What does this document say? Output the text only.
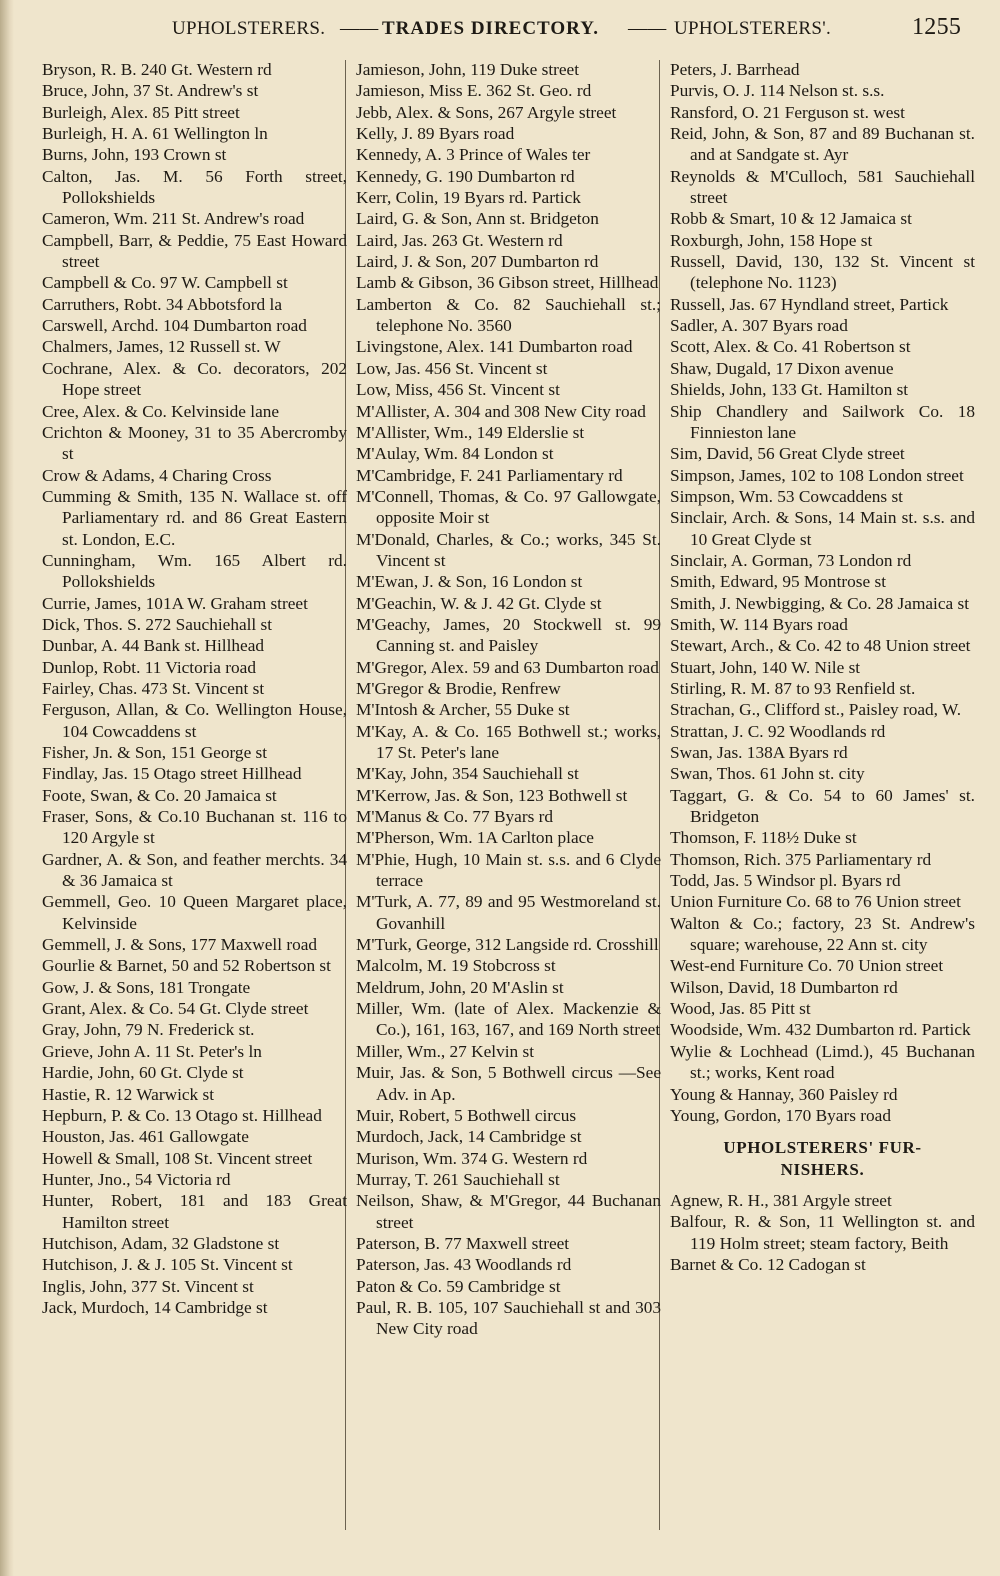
UPHOLSTERERS. —— TRADES DIRECTORY. —— UPHOLSTERERS'.	1255
Bryson, R. B. 240 Gt. Western rd
Bruce, John, 37 St. Andrew's st
Burleigh, Alex. 85 Pitt street
Burleigh, H. A. 61 Wellington ln
Burns, John, 193 Crown st
Calton, Jas. M. 56 Forth street, Pollokshields
Cameron, Wm. 211 St. Andrew's road
Campbell, Barr, & Peddie, 75 East Howard street
Campbell & Co. 97 W. Campbell st
Carruthers, Robt. 34 Abbotsford la
Carswell, Archd. 104 Dumbarton road
Chalmers, James, 12 Russell st. W
Cochrane, Alex. & Co. decorators, 202 Hope street
Cree, Alex. & Co. Kelvinside lane
Crichton & Mooney, 31 to 35 Abercromby st
Crow & Adams, 4 Charing Cross
Cumming & Smith, 135 N. Wallace st. off Parliamentary rd. and 86 Great Eastern st. London, E.C.
Cunningham, Wm. 165 Albert rd. Pollokshields
Currie, James, 101A W. Graham street
Dick, Thos. S. 272 Sauchiehall st
Dunbar, A. 44 Bank st. Hillhead
Dunlop, Robt. 11 Victoria road
Fairley, Chas. 473 St. Vincent st
Ferguson, Allan, & Co. Wellington House, 104 Cowcaddens st
Fisher, Jn. & Son, 151 George st
Findlay, Jas. 15 Otago street Hillhead
Foote, Swan, & Co. 20 Jamaica st
Fraser, Sons, & Co.10 Buchanan st. 116 to 120 Argyle st
Gardner, A. & Son, and feather merchts. 34 & 36 Jamaica st
Gemmell, Geo. 10 Queen Margaret place, Kelvinside
Gemmell, J. & Sons, 177 Maxwell road
Gourlie & Barnet, 50 and 52 Robertson st
Gow, J. & Sons, 181 Trongate
Grant, Alex. & Co. 54 Gt. Clyde street
Gray, John, 79 N. Frederick st.
Grieve, John A. 11 St. Peter's ln
Hardie, John, 60 Gt. Clyde st
Hastie, R. 12 Warwick st
Hepburn, P. & Co. 13 Otago st. Hillhead
Houston, Jas. 461 Gallowgate
Howell & Small, 108 St. Vincent street
Hunter, Jno., 54 Victoria rd
Hunter, Robert, 181 and 183 Great Hamilton street
Hutchison, Adam, 32 Gladstone st
Hutchison, J. & J. 105 St. Vincent st
Inglis, John, 377 St. Vincent st
Jack, Murdoch, 14 Cambridge st
Jamieson, John, 119 Duke street
Jamieson, Miss E. 362 St. Geo. rd
Jebb, Alex. & Sons, 267 Argyle street
Kelly, J. 89 Byars road
Kennedy, A. 3 Prince of Wales ter
Kennedy, G. 190 Dumbarton rd
Kerr, Colin, 19 Byars rd. Partick
Laird, G. & Son, Ann st. Bridgeton
Laird, Jas. 263 Gt. Western rd
Laird, J. & Son, 207 Dumbarton rd
Lamb & Gibson, 36 Gibson street, Hillhead
Lamberton & Co. 82 Sauchiehall st.; telephone No. 3560
Livingstone, Alex. 141 Dumbarton road
Low, Jas. 456 St. Vincent st
Low, Miss, 456 St. Vincent st
M'Allister, A. 304 and 308 New City road
M'Allister, Wm., 149 Elderslie st
M'Aulay, Wm. 84 London st
M'Cambridge, F. 241 Parliamentary rd
M'Connell, Thomas, & Co. 97 Gallowgate, opposite Moir st
M'Donald, Charles, & Co.; works, 345 St. Vincent st
M'Ewan, J. & Son, 16 London st
M'Geachin, W. & J. 42 Gt. Clyde st
M'Geachy, James, 20 Stockwell st. 99 Canning st. and Paisley
M'Gregor, Alex. 59 and 63 Dumbarton road
M'Gregor & Brodie, Renfrew
M'Intosh & Archer, 55 Duke st
M'Kay, A. & Co. 165 Bothwell st.; works, 17 St. Peter's lane
M'Kay, John, 354 Sauchiehall st
M'Kerrow, Jas. & Son, 123 Bothwell st
M'Manus & Co. 77 Byars rd
M'Pherson, Wm. 1A Carlton place
M'Phie, Hugh, 10 Main st. s.s. and 6 Clyde terrace
M'Turk, A. 77, 89 and 95 Westmoreland st. Govanhill
M'Turk, George, 312 Langside rd. Crosshill
Malcolm, M. 19 Stobcross st
Meldrum, John, 20 M'Aslin st
Miller, Wm. (late of Alex. Mackenzie & Co.), 161, 163, 167, and 169 North street
Miller, Wm., 27 Kelvin st
Muir, Jas. & Son, 5 Bothwell circus —See Adv. in Ap.
Muir, Robert, 5 Bothwell circus
Murdoch, Jack, 14 Cambridge st
Murison, Wm. 374 G. Western rd
Murray, T. 261 Sauchiehall st
Neilson, Shaw, & M'Gregor, 44 Buchanan street
Paterson, B. 77 Maxwell street
Paterson, Jas. 43 Woodlands rd
Paton & Co. 59 Cambridge st
Paul, R. B. 105, 107 Sauchiehall st and 303 New City road
Peters, J. Barrhead
Purvis, O. J. 114 Nelson st. s.s.
Ransford, O. 21 Ferguson st. west
Reid, John, & Son, 87 and 89 Buchanan st. and at Sandgate st. Ayr
Reynolds & M'Culloch, 581 Sauchiehall street
Robb & Smart, 10 & 12 Jamaica st
Roxburgh, John, 158 Hope st
Russell, David, 130, 132 St. Vincent st (telephone No. 1123)
Russell, Jas. 67 Hyndland street, Partick
Sadler, A. 307 Byars road
Scott, Alex. & Co. 41 Robertson st
Shaw, Dugald, 17 Dixon avenue
Shields, John, 133 Gt. Hamilton st
Ship Chandlery and Sailwork Co. 18 Finnieston lane
Sim, David, 56 Great Clyde street
Simpson, James, 102 to 108 London street
Simpson, Wm. 53 Cowcaddens st
Sinclair, Arch. & Sons, 14 Main st. s.s. and 10 Great Clyde st
Sinclair, A. Gorman, 73 London rd
Smith, Edward, 95 Montrose st
Smith, J. Newbigging, & Co. 28 Jamaica st
Smith, W. 114 Byars road
Stewart, Arch., & Co. 42 to 48 Union street
Stuart, John, 140 W. Nile st
Stirling, R. M. 87 to 93 Renfield st.
Strachan, G., Clifford st., Paisley road, W.
Strattan, J. C. 92 Woodlands rd
Swan, Jas. 138A Byars rd
Swan, Thos. 61 John st. city
Taggart, G. & Co. 54 to 60 James' st. Bridgeton
Thomson, F. 118½ Duke st
Thomson, Rich. 375 Parliamentary rd
Todd, Jas. 5 Windsor pl. Byars rd
Union Furniture Co. 68 to 76 Union street
Walton & Co.; factory, 23 St. Andrew's square; warehouse, 22 Ann st. city
West-end Furniture Co. 70 Union street
Wilson, David, 18 Dumbarton rd
Wood, Jas. 85 Pitt st
Woodside, Wm. 432 Dumbarton rd. Partick
Wylie & Lochhead (Limd.), 45 Buchanan st.; works, Kent road
Young & Hannay, 360 Paisley rd
Young, Gordon, 170 Byars road
UPHOLSTERERS' FUR-
NISHERS.
Agnew, R. H., 381 Argyle street
Balfour, R. & Son, 11 Wellington st. and 119 Holm street; steam factory, Beith
Barnet & Co. 12 Cadogan st
